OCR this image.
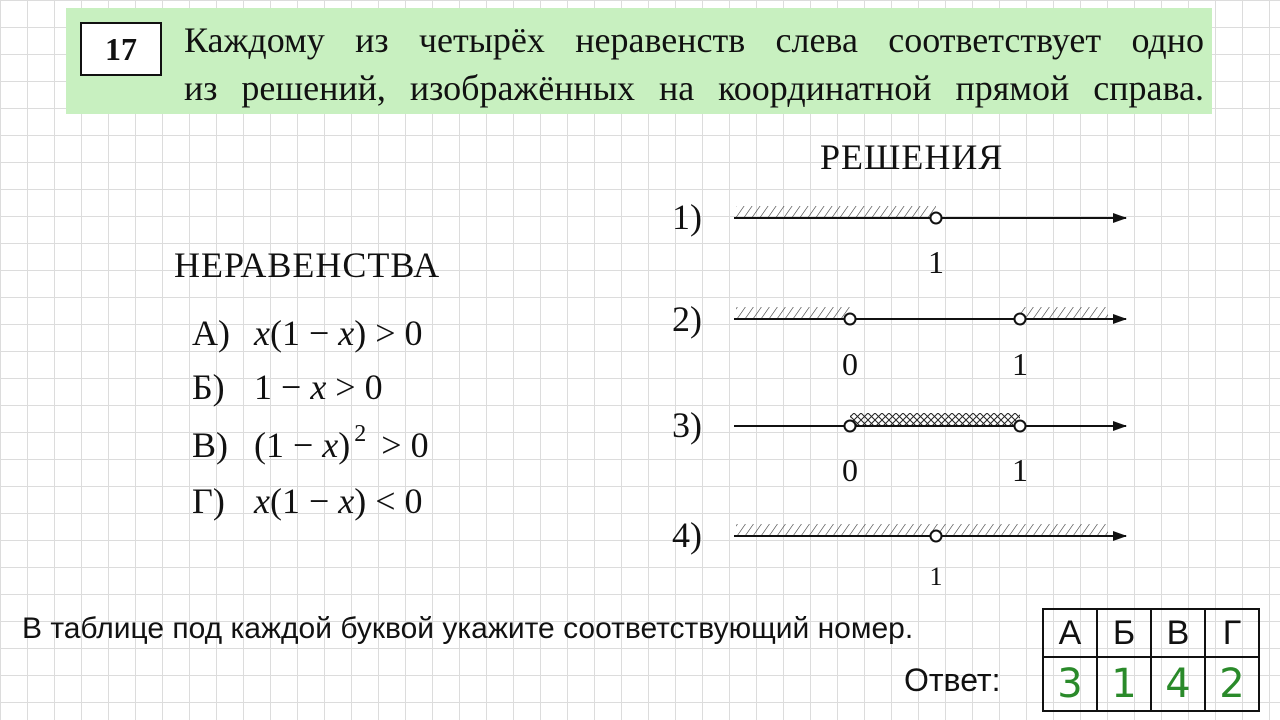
17	Каждому из четырёх неравенств слева соответствует одно
из решений, изображённых на координатной прямой справа.
НЕРАВЕНСТВА
А) x(1 − x) > 0
Б) 1 − x > 0
В) (1 − x) $^2$ > 0
Г) x(1 − x) < 0
РЕШЕНИЯ
1)
2)
3)
4)
1
0	1
0	1
1
В таблице под каждой буквой укажите соответствующий номер.
Ответ:
А	Б	В	Г
3	1	4	2
